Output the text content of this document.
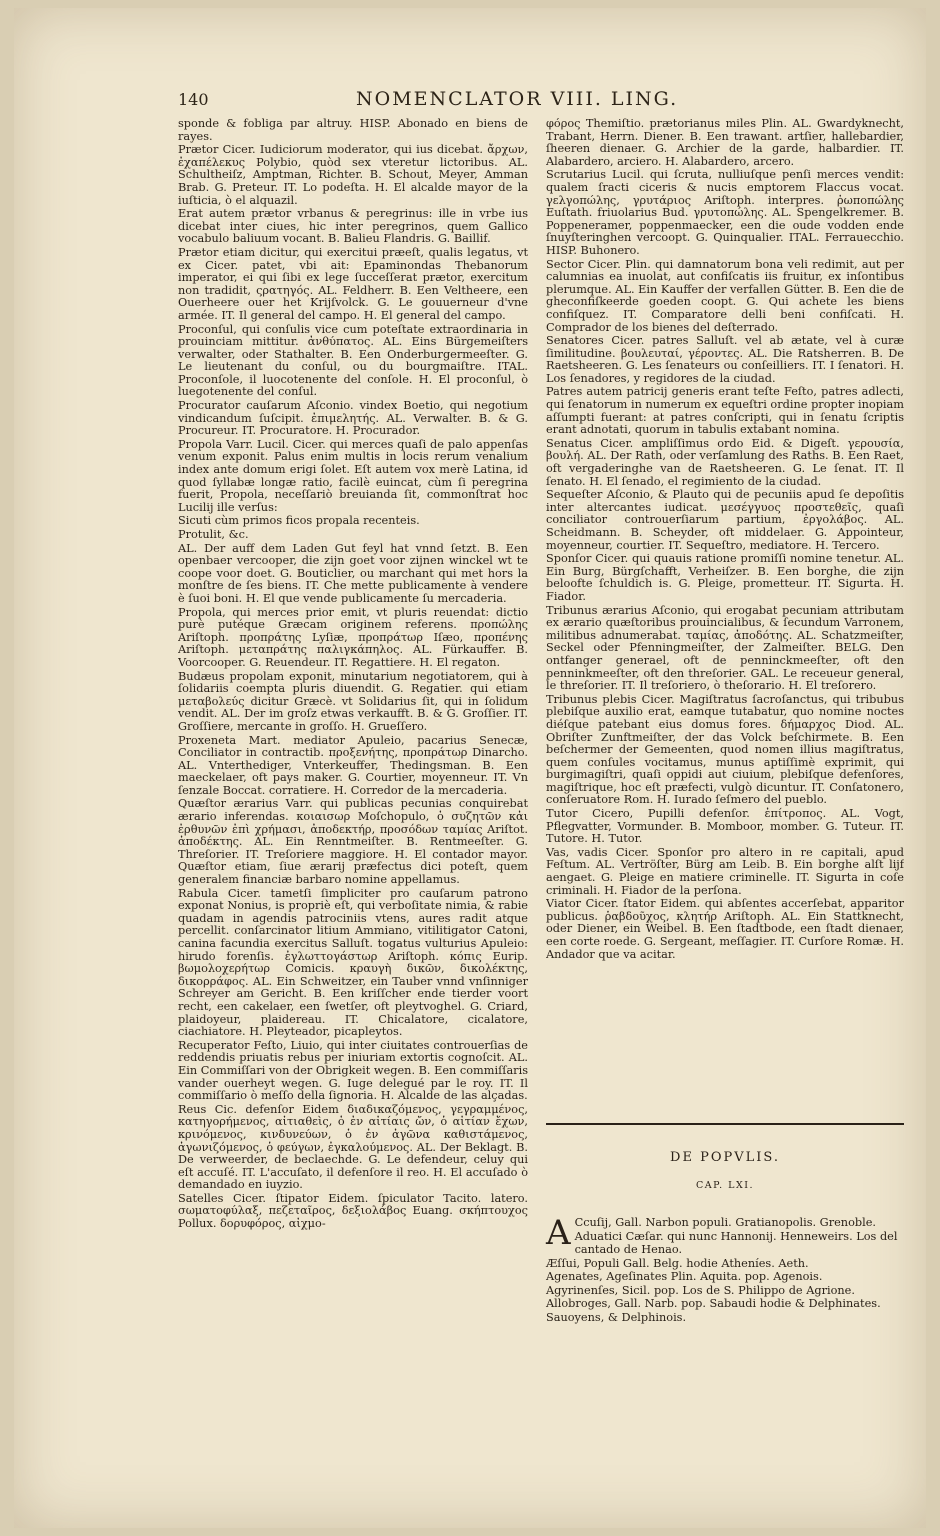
140	NOMENCLATOR VIII. LING.

sponde & fobliga par altruy. HISP. Abonado en biens de rayes.

Prætor Cicer. Iudiciorum moderator, qui ius dicebat. ἄρχων, ἐχαπέλεκυς Polybio, quòd sex vteretur lictoribus. AL. Schultheiſz, Amptman, Richter. B. Schout, Meyer, Amman Brab. G. Preteur. IT. Lo podeſta. H. El alcalde mayor de la iuſticia, ò el alquazil.

Erat autem prætor vrbanus & peregrinus: ille in vrbe ius dicebat inter ciues, hic inter peregrinos, quem Gallico vocabulo baliuum vocant. B. Balieu Flandris. G. Baillif.

Prætor etiam dicitur, qui exercitui præeſt, qualis legatus, vt ex Cicer. patet, vbi ait: Epaminondas Thebanorum imperator, ei qui ſibi ex lege ſucceſſerat prætor, exercitum non tradidit, ςρατηγός. AL. Feldherr. B. Een Veltheere, een Ouerheere ouer het Krijſvolck. G. Le gouuerneur d'vne armée. IT. Il general del campo. H. El general del campo.

Proconſul, qui conſulis vice cum poteſtate extraordinaria in prouinciam mittitur. ἀνθύπατος. AL. Eins Bürgemeiſters verwalter, oder Stathalter. B. Een Onderburgermeeſter. G. Le lieutenant du conſul, ou du bourgmaiſtre. ITAL. Proconſole, il luocotenente del conſole. H. El proconſul, ò luegotenente del conſul.

Procurator cauſarum Aſconio. vindex Boetio, qui negotium vindicandum ſuſcipit. ἐπιμελητής. AL. Verwalter. B. & G. Procureur. IT. Procuratore. H. Procurador.

Propola Varr. Lucil. Cicer. qui merces quaſi de palo appenſas venum exponit. Palus enim multis in locis rerum venalium index ante domum erigi ſolet. Eſt autem vox merè Latina, id quod ſyllabæ longæ ratio, facilè euincat, cùm ſi peregrina fuerit, Propola, neceſſariò breuianda ſit, commonſtrat hoc Lucilij ille verſus:

Sicuti cùm primos ficos propala recenteis.

Protulit, &c.

AL. Der auff dem Laden Gut feyl hat vnnd ſetzt. B. Een openbaer vercooper, die zijn goet voor zijnen winckel wt te coope voor doet. G. Bouticlier, ou marchant qui met hors la monſtre de ſes biens. IT. Che mette publicamente à vendere è ſuoi boni. H. El que vende publicamente ſu mercaderia.

Propola, qui merces prior emit, vt pluris reuendat: dictio purè putéque Græcam originem referens. προπώλης Ariſtoph. προπράτης Lyſiæ, προπράτωρ Iſæo, προπένης Ariſtoph. μεταπράτης παλιγκάπηλος. AL. Fürkauffer. B. Voorcooper. G. Reuendeur. IT. Regattiere. H. El regaton.

Budæus propolam exponit, minutarium negotiatorem, qui à ſolidariis coempta pluris diuendit. G. Regatier. qui etiam μεταβολεύς dicitur Græcè. vt Solidarius ſit, qui in ſolidum vendit. AL. Der im groſz etwas verkaufft. B. & G. Groſſier. IT. Groſſiere, mercante in groſſo. H. Grueſſero.

Proxeneta Mart. mediator Apuleio, pacarius Senecæ, Conciliator in contractib. προξενήτης, προπράτωρ Dinarcho. AL. Vnterthediger, Vnterkeuffer, Thedingsman. B. Een maeckelaer, oft pays maker. G. Courtier, moyenneur. IT. Vn ſenzale Boccat. corratiere. H. Corredor de la mercaderia.

Quæſtor ærarius Varr. qui publicas pecunias conquirebat ærario inferendas. κοιαισωρ Moſchopulo, ὁ συζητῶν κἀι ἐρθυνῶν ἐπὶ χρήμασι, ἀποδεκτήρ, προσόδων ταμίας Ariſtot. ἀποδέκτης. AL. Ein Renntmeiſter. B. Rentmeeſter. G. Threſorier. IT. Treſoriere maggiore. H. El contador mayor. Quæſtor etiam, ſiue ærarij præfectus dici poteſt, quem generalem financiæ barbaro nomine appellamus.

Rabula Cicer. tametſi ſimpliciter pro cauſarum patrono exponat Nonius, is propriè eſt, qui verboſitate nimia, & rabie quadam in agendis patrociniis vtens, aures radit atque percellit. conſarcinator litium Ammiano, vitilitigator Catoni, canina facundia exercitus Salluſt. togatus vulturius Apuleio: hirudo forenſis. ἐγλωττογάστωρ Ariſtoph. κόπις Eurip. βωμολοχερήτωρ Comicis. κραυγὴ δικῶν, δικολέκτης, δικορράφος. AL. Ein Schweitzer, ein Tauber vnnd vnſinniger Schreyer am Gericht. B. Een kriſſcher ende tierder voort recht, een cakelaer, een ſwetſer, oft pleytvoghel. G. Criard, plaidoyeur, plaidereau. IT. Chicalatore, cicalatore, ciachiatore. H. Pleyteador, picapleytos.

Recuperator Feſto, Liuio, qui inter ciuitates controuerſias de reddendis priuatis rebus per iniuriam extortis cognoſcit. AL. Ein Commiſſari von der Obrigkeit wegen. B. Een commiſſaris vander ouerheyt wegen. G. Iuge delegué par le roy. IT. Il commiſſario ò meſſo della ſignoria. H. Alcalde de las alçadas.

Reus Cic. defenſor Eidem διαδικαζόμενος, γεγραμμένος, κατηγορήμενος, αἰτιαθεὶς, ὁ ἐν αἰτίαις ὤν, ὁ αἰτίαν ἔχων, κρινόμενος, κινδυνεύων, ὁ ἐν ἀγῶνα καθιστάμενος, ἀγωνιζόμενος, ὁ φεύγων, ἐγκαλούμενος. AL. Der Beklagt. B. De verweerder, de beclaechde. G. Le defendeur, celuy qui eſt accuſé. IT. L'accuſato, il defenſore il reo. H. El accuſado ò demandado en iuyzio.

Satelles Cicer. ſtipator Eidem. ſpiculator Tacito. latero. σωματοφύλαξ, πεζεταῖρος, δεξιολάβος Euang. σκήπτουχος Pollux. δορυφόρος, αἰχμο-

φόρος Themiſtio. prætorianus miles Plin. AL. Gwardyknecht, Trabant, Herrn. Diener. B. Een trawant. artſier, hallebardier, ſheeren dienaer. G. Archier de la garde, halbardier. IT. Alabardero, arciero. H. Alabardero, arcero.

Scrutarius Lucil. qui ſcruta, nulliuſque penſi merces vendit: qualem ſracti ciceris & nucis emptorem Flaccus vocat. γελγοπώλης, γρυτάριος Ariſtoph. interpres. ῥωποπώλης Euſtath. friuolarius Bud. γρυτοπώλης. AL. Spengelkremer. B. Poppeneramer, poppenmaecker, een die oude vodden ende ſnuyſteringhen vercoopt. G. Quinqualier. ITAL. Ferrauecchio. HISP. Buhonero.

Sector Cicer. Plin. qui damnatorum bona veli redimit, aut per calumnias ea inuolat, aut confiſcatis iis fruitur, ex inſontibus plerumque. AL. Ein Kauffer der verfallen Gütter. B. Een die de gheconfiſkeerde goeden coopt. G. Qui achete les biens confiſquez. IT. Comparatore delli beni confiſcati. H. Comprador de los bienes del deſterrado.

Senatores Cicer. patres Salluſt. vel ab ætate, vel à curæ ſimilitudine. βουλευταί, γέροντες. AL. Die Ratsherren. B. De Raetsheeren. G. Les ſenateurs ou conſeilliers. IT. I ſenatori. H. Los ſenadores, y regidores de la ciudad.

Patres autem patricij generis erant teſte Feſto, patres adlecti, qui ſenatorum in numerum ex equeſtri ordine propter inopiam aſſumpti fuerant: at patres conſcripti, qui in ſenatu ſcriptis erant adnotati, quorum in tabulis extabant nomina.

Senatus Cicer. ampliſſimus ordo Eid. & Digeſt. γερουσία, βουλή. AL. Der Rath, oder verſamlung des Raths. B. Een Raet, oft vergaderinghe van de Raetsheeren. G. Le ſenat. IT. Il ſenato. H. El ſenado, el regimiento de la ciudad.

Sequeſter Aſconio, & Plauto qui de pecuniis apud ſe depoſitis inter altercantes iudicat. μεσέγγυος προστεθεῖς, quaſi conciliator controuerſiarum partium, ἐργολάβος. AL. Scheidmann. B. Scheyder, oft middelaer. G. Appointeur, moyenneur, courtier. IT. Sequeſtro, mediatore. H. Tercero.

Sponſor Cicer. qui quauis ratione promiſſi nomine tenetur. AL. Ein Burg, Bürgſchafft, Verheiſzer. B. Een borghe, die zijn beloofte ſchuldich is. G. Pleige, prometteur. IT. Sigurta. H. Fiador.

Tribunus ærarius Aſconio, qui erogabat pecuniam attributam ex ærario quæſtoribus prouincialibus, & ſecundum Varronem, militibus adnumerabat. ταμίας, ἀποδότης. AL. Schatzmeiſter, Seckel oder Pfenningmeiſter, der Zalmeiſter. BELG. Den ontfanger generael, oft de penninckmeeſter, oft den penninkmeeſter, oft den threſorier. GAL. Le receueur general, le threſorier. IT. Il treſoriero, ò theſorario. H. El treſorero.

Tribunus plebis Cicer. Magiſtratus ſacroſanctus, qui tribubus plebiſque auxilio erat, eamque tutabatur, quo nomine noctes diéſque patebant eius domus fores. δήμαρχος Diod. AL. Obriſter Zunftmeiſter, der das Volck beſchirmete. B. Een beſchermer der Gemeenten, quod nomen illius magiſtratus, quem conſules vocitamus, munus aptiſſimè exprimit, qui burgimagiſtri, quaſi oppidi aut ciuium, plebiſque defenſores, magiſtrique, hoc eſt præfecti, vulgò dicuntur. IT. Conſatonero, conſeruatore Rom. H. Iurado ſeſmero del pueblo.

Tutor Cicero, Pupilli defenſor. ἐπίτροπος. AL. Vogt, Pflegvatter, Vormunder. B. Momboor, momber. G. Tuteur. IT. Tutore. H. Tutor.

Vas, vadis Cicer. Sponſor pro altero in re capitali, apud Feſtum. AL. Vertröſter, Bürg am Leib. B. Ein borghe alſt lijf aengaet. G. Pleige en matiere criminelle. IT. Sigurta in coſe criminali. H. Fiador de la perſona.

Viator Cicer. ſtator Eidem. qui abſentes accerſebat, apparitor publicus. ῥαβδοῦχος, κλητήρ Ariſtoph. AL. Ein Stattknecht, oder Diener, ein Weibel. B. Een ſtadtbode, een ſtadt dienaer, een corte roede. G. Sergeant, meſſagier. IT. Curſore Romæ. H. Andador que va acitar.

DE POPVLIS.
CAP. LXI.
A Ccuſij, Gall. Narbon populi. Gratianopolis. Grenoble.
Aduatici Cæſar. qui nunc Hannonij. Henneweirs. Los del cantado de Henao.
Æſſui, Populi Gall. Belg. hodie Atheníes. Aeth.
Agenates, Ageſinates Plin. Aquita. pop. Agenois.
Agyrinenſes, Sicil. pop. Los de S. Philippo de Agrione.
Allobroges, Gall. Narb. pop. Sabaudi hodie & Delphinates. Sauoyens, & Delphinois.
